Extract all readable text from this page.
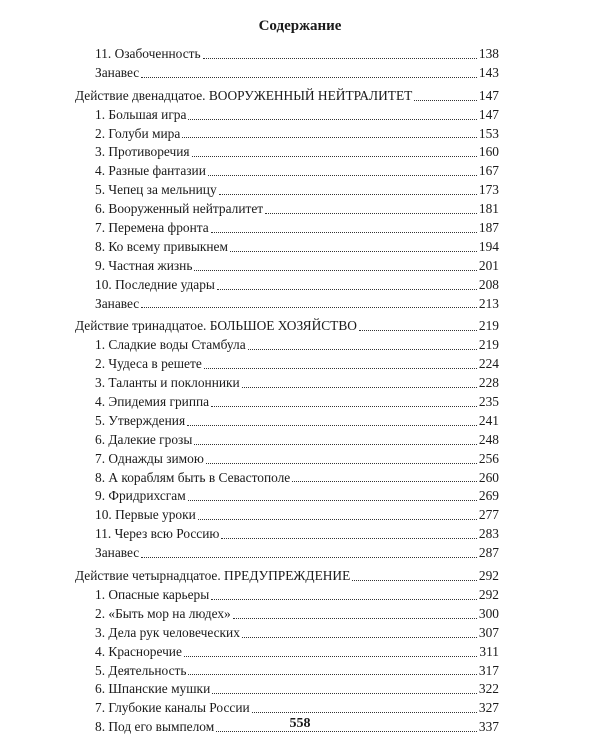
Содержание
11. Озабоченность	138
Занавес	143
Действие двенадцатое. ВООРУЖЕННЫЙ НЕЙТРАЛИТЕТ	147
1. Большая игра	147
2. Голуби мира	153
3. Противоречия	160
4. Разные фантазии	167
5. Чепец за мельницу	173
6. Вооруженный нейтралитет	181
7. Перемена фронта	187
8. Ко всему привыкнем	194
9. Частная жизнь	201
10. Последние удары	208
Занавес	213
Действие тринадцатое. БОЛЬШОЕ ХОЗЯЙСТВО	219
1. Сладкие воды Стамбула	219
2. Чудеса в решете	224
3. Таланты и поклонники	228
4. Эпидемия гриппа	235
5. Утверждения	241
6. Далекие грозы	248
7. Однажды зимою	256
8. А кораблям быть в Севастополе	260
9. Фридрихсгам	269
10. Первые уроки	277
11. Через всю Россию	283
Занавес	287
Действие четырнадцатое. ПРЕДУПРЕЖДЕНИЕ	292
1. Опасные карьеры	292
2. «Быть мор на людех»	300
3. Дела рук человеческих	307
4. Красноречие	311
5. Деятельность	317
6. Шпанские мушки	322
7. Глубокие каналы России	327
8. Под его вымпелом	337
558
